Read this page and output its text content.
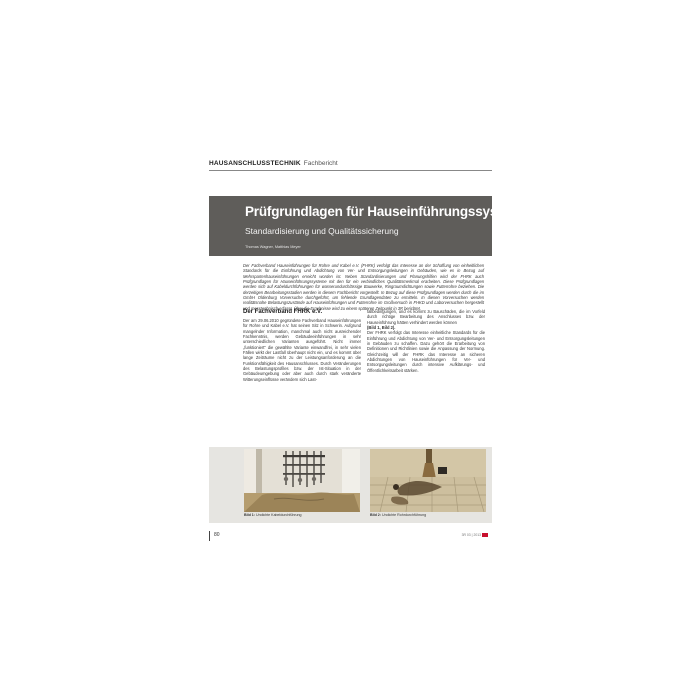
HAUSANSCHLUSSTECHNIK Fachbericht
Prüfgrundlagen für Hauseinführungssysteme
Standardisierung und Qualitätssicherung
Thomas Wagner, Matthias Meyer

Der Fachverband Hauseinführungen für Rohre und Kabel e.V. (FHRK) verfolgt das Interesse an der Schaffung von einheitlichen Standards für die Einführung und Abdichtung von Ver- und Entsorgungsleitungen in Gebäuden, wie es in Bezug auf Mehrspartenhauseinführungen erreicht worden ist. Neben Standardisierungen und Planungshilfen wird der FHRK auch Prüfgrundlagen für Hauseinführungssysteme mit den für ein verbindliches Qualitätsmerkmal erarbeiten. Diese Prüfgrundlagen werden sich auf Kabeldurchführungen für wasserundurchlässige Bauwerke, Ringraumdichtungen sowie Futterrohre beziehen. Die derzeitigen Bearbeitungsstadien werden in diesem Fachbericht vorgestellt. In Bezug auf diese Prüfgrundlagen werden durch die im GmbH Oldenburg Vorversuche durchgeführt, um fehlende Grundlagendaten zu ermitteln. In diesen Vorversuchen werden realitätsnahe Belastungszustände auf Hauseinführungen und Futterrohre im Großversuch in FHKD und Laborversuchen hergestellt und messtechnisch erfasst. Über die Ergebnisse wird zu einem späteren Zeitpunkt in 3R berichtet.

Der Fachverband FHRK e.V.

Der am 29.06.2010 gegründete Fachverband Hauseinführungen für Rohre und Kabel e.V. hat seinen Sitz in Schwerin. Aufgrund mangelnder Information, manchmal auch nicht ausreichender Fachkenntnis, werden Gebäudeeinführungen in sehr unterschiedlichen Varianten ausgeführt. Nicht immer „funktioniert“ die gewählte Variante einwandfrei, in sehr vielen Fällen wirkt der Lastfall überhaupt nicht ein, und es kommt über lange Zeiträume nicht zu der Leistungsanforderung an die Funktionsfähigkeit des Hausanschlusses. Durch Veränderungen des Belastungsprofiles bzw. der Ist-Situation in der Gebäudeumgebung oder aber auch durch stark veränderte Witterungseinflüsse verändern sich Last-

fallbedingungen, und es kommt zu Bauschäden, die im Vorfeld durch richtige Bearbeitung des Anschlusses bzw. der Hauseinführung hätten verhindert werden können

(Bild 1, Bild 2).

Der FHRK verfolgt das Interesse einheitliche Standards für die Einführung und Abdichtung von Ver- und Entsorgungsleitungen in Gebäuden zu schaffen. Dazu gehört die Erarbeitung von Definitionen und Richtlinien sowie die Anpassung der Normung. Gleichzeitig will der FHRK das Interesse an sicheren Abdichtungen von Hauseinführungen für Ver- und Entsorgungsleitungen durch intensive Aufklärungs- und Öffentlichkeitsarbeit stärken.

Bild 1: Undichte Kabeldurchführung	Bild 2: Undichte Rohrdurchführung
80	3R 03 | 2013
